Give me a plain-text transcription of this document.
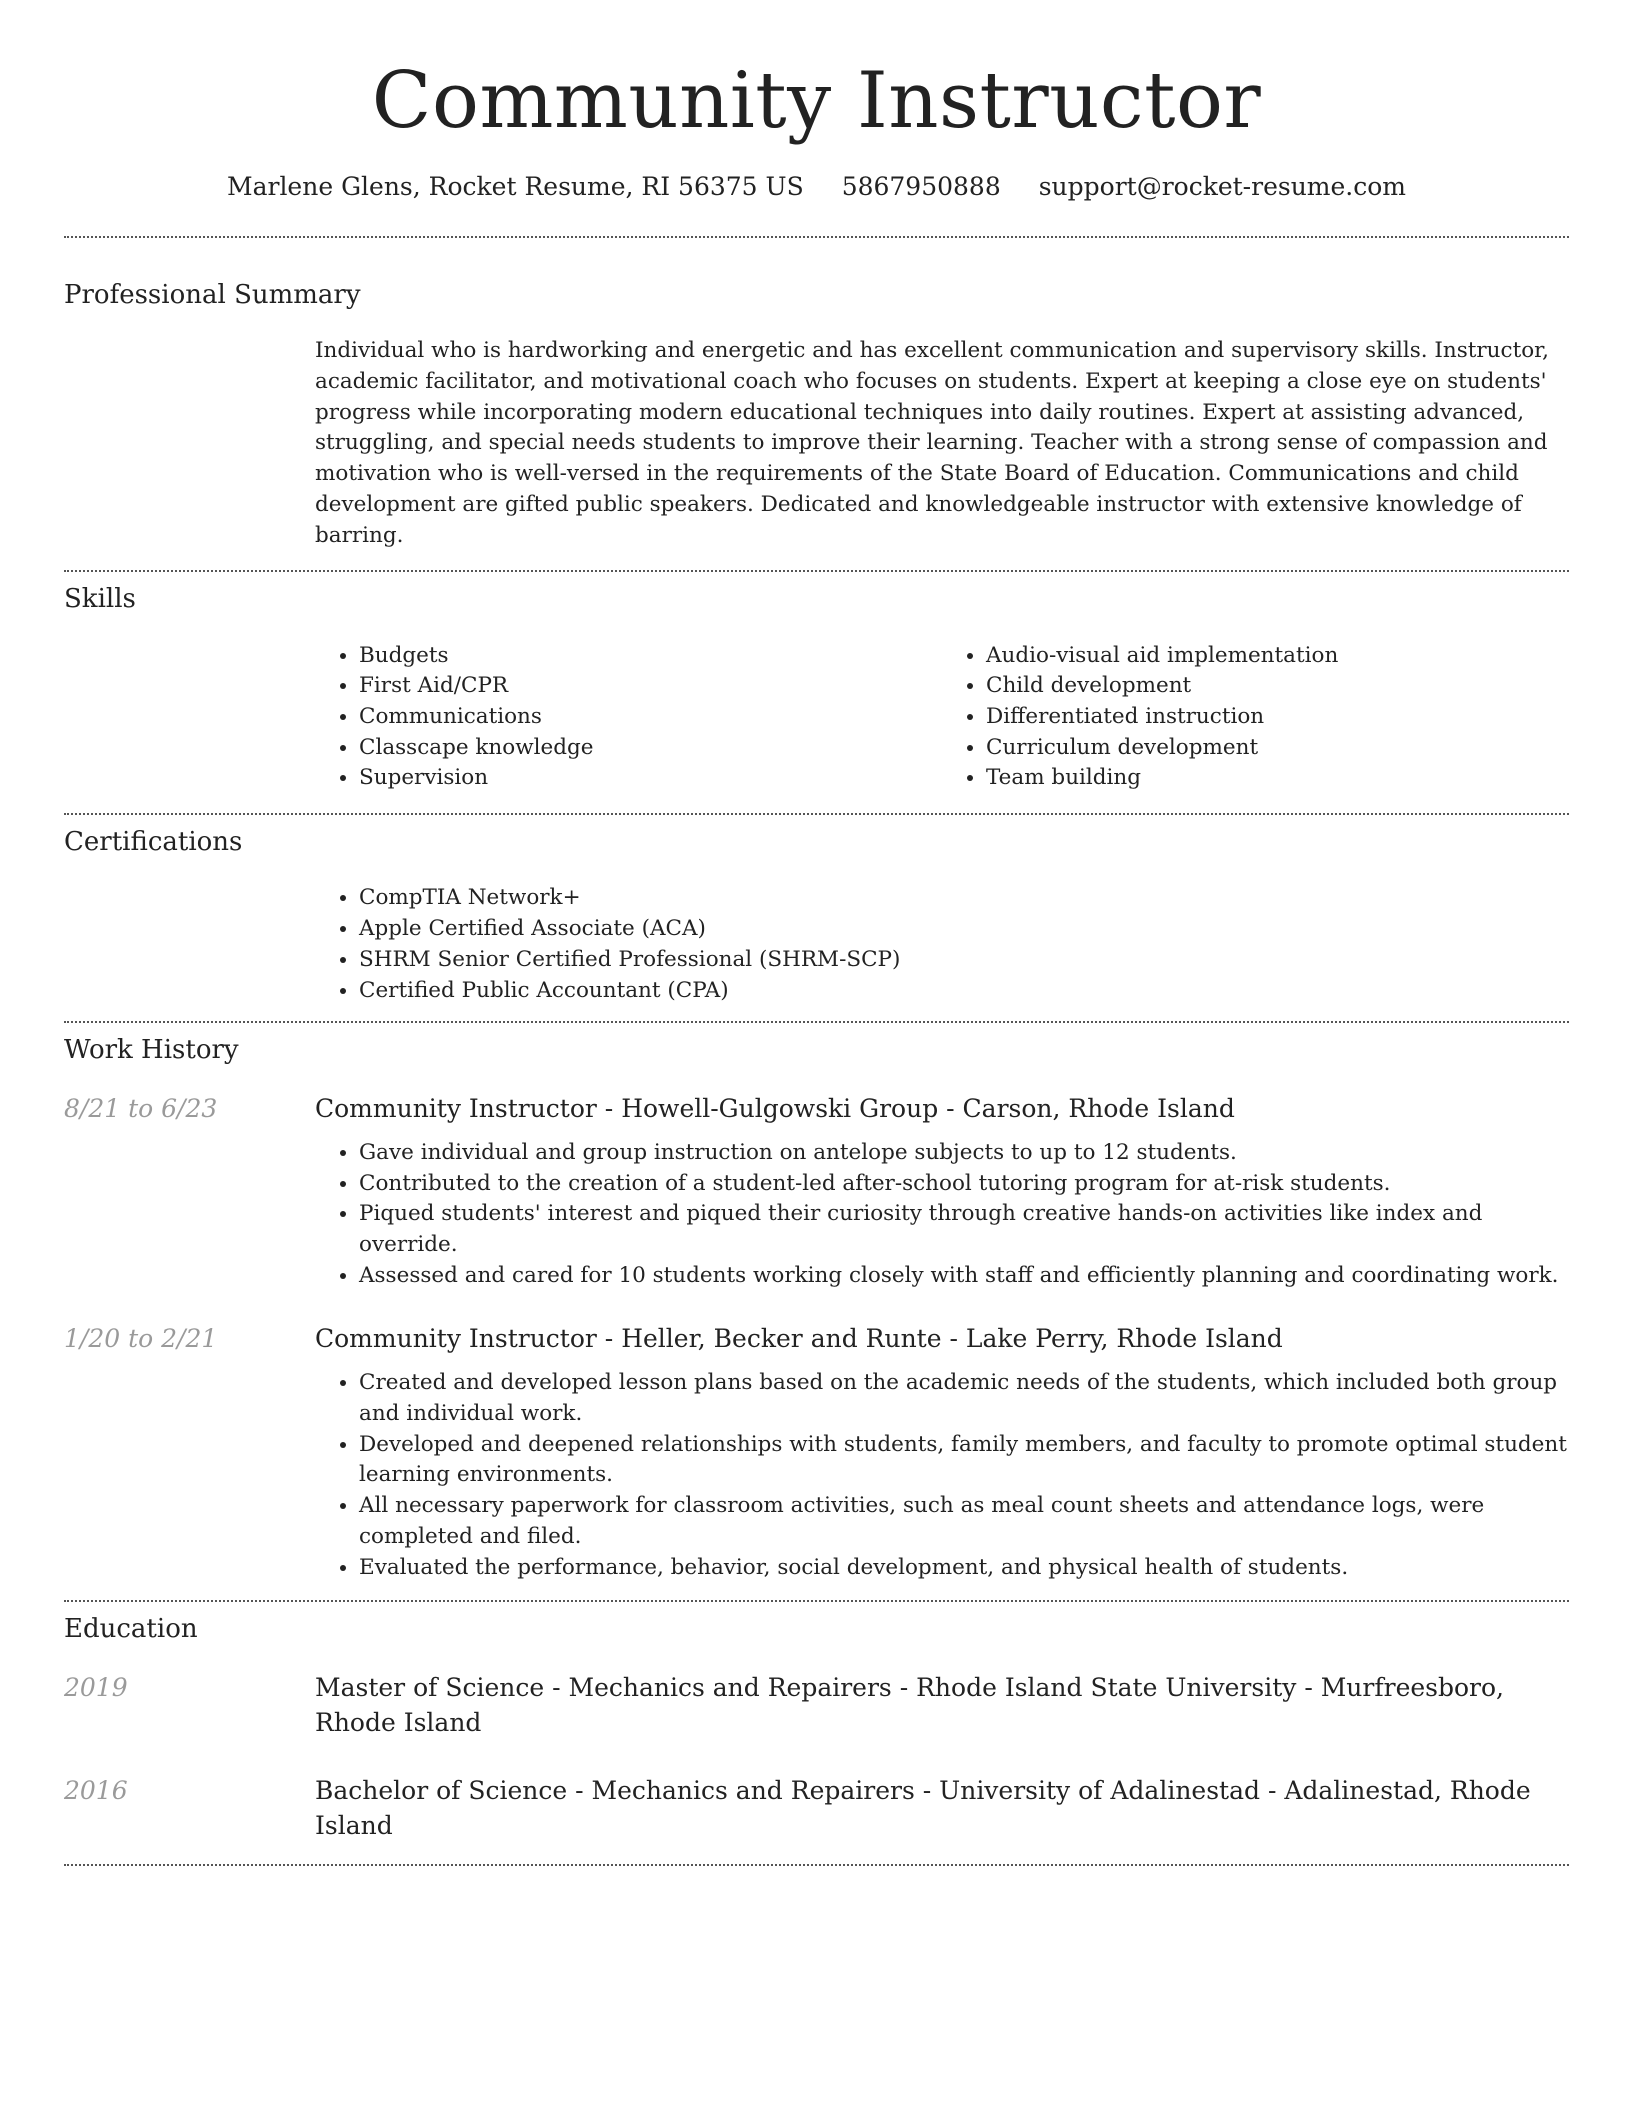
Community Instructor
Marlene Glens, Rocket Resume, RI 56375 US 5867950888 support@rocket-resume.com
Professional Summary
Individual who is hardworking and energetic and has excellent communication and supervisory skills. Instructor, academic facilitator, and motivational coach who focuses on students. Expert at keeping a close eye on students' progress while incorporating modern educational techniques into daily routines. Expert at assisting advanced, struggling, and special needs students to improve their learning. Teacher with a strong sense of compassion and motivation who is well-versed in the requirements of the State Board of Education. Communications and child development are gifted public speakers. Dedicated and knowledgeable instructor with extensive knowledge of barring.
Skills
• Budgets
• First Aid/CPR
• Communications
• Classcape knowledge
• Supervision
• Audio-visual aid implementation
• Child development
• Differentiated instruction
• Curriculum development
• Team building
Certifications
• CompTIA Network+
• Apple Certified Associate (ACA)
• SHRM Senior Certified Professional (SHRM-SCP)
• Certified Public Accountant (CPA)
Work History
8/21 to 6/23	Community Instructor - Howell-Gulgowski Group - Carson, Rhode Island
• Gave individual and group instruction on antelope subjects to up to 12 students.
• Contributed to the creation of a student-led after-school tutoring program for at-risk students.
• Piqued students' interest and piqued their curiosity through creative hands-on activities like index and override.
• Assessed and cared for 10 students working closely with staff and efficiently planning and coordinating work.
1/20 to 2/21	Community Instructor - Heller, Becker and Runte - Lake Perry, Rhode Island
• Created and developed lesson plans based on the academic needs of the students, which included both group and individual work.
• Developed and deepened relationships with students, family members, and faculty to promote optimal student learning environments.
• All necessary paperwork for classroom activities, such as meal count sheets and attendance logs, were completed and filed.
• Evaluated the performance, behavior, social development, and physical health of students.
Education
2019	Master of Science - Mechanics and Repairers - Rhode Island State University - Murfreesboro, Rhode Island
2016	Bachelor of Science - Mechanics and Repairers - University of Adalinestad - Adalinestad, Rhode Island
